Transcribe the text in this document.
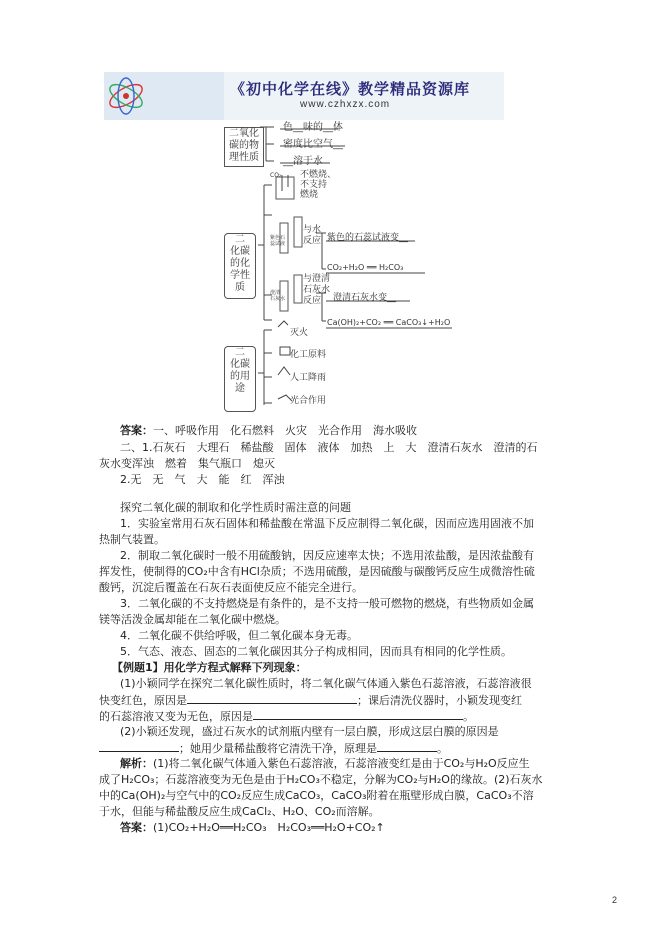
《初中化学在线》教学精品资源库
www.czhxzx.com
二氧化
碳的物
理性质
色__味的__体
密度比空气__
__溶于水
二
化碳
的化
学性
质
CO₂ 不燃烧、
不支持
燃烧
紫色石
蕊试液
与水
反应 紫色的石蕊试液变__
CO₂+H₂O ══ H₂CO₃
澄清
石灰水
与澄清
石灰水
反应	澄清石灰水变__
Ca(OH)₂+CO₂ ══ CaCO₃↓+H₂O
二
化碳
的用
途
灭火
化工原料
人工降雨
光合作用
答案：一、呼吸作用　化石燃料　火灾　光合作用　海水吸收
二、1.石灰石　大理石　稀盐酸　固体　液体　加热　上　大　澄清石灰水　澄清的石
灰水变浑浊　燃着　集气瓶口　熄灭
2.无　无　气　大　能　红　浑浊
探究二氧化碳的制取和化学性质时需注意的问题
1．实验室常用石灰石固体和稀盐酸在常温下反应制得二氧化碳，因而应选用固液不加
热制气装置。
2．制取二氧化碳时一般不用硫酸钠，因反应速率太快；不选用浓盐酸，是因浓盐酸有
挥发性，使制得的CO₂中含有HCl杂质；不选用硫酸，是因硫酸与碳酸钙反应生成微溶性硫
酸钙，沉淀后覆盖在石灰石表面使反应不能完全进行。
3．二氧化碳的不支持燃烧是有条件的，是不支持一般可燃物的燃烧，有些物质如金属
镁等活泼金属却能在二氧化碳中燃烧。
4．二氧化碳不供给呼吸，但二氧化碳本身无毒。
5．气态、液态、固态的二氧化碳因其分子构成相同，因而具有相同的化学性质。
【例题1】用化学方程式解释下列现象：
(1)小颖同学在探究二氧化碳性质时，将二氧化碳气体通入紫色石蕊溶液，石蕊溶液很
快变红色，原因是	；课后清洗仪器时，小颖发现变红
的石蕊溶液又变为无色，原因是	。
(2)小颖还发现，盛过石灰水的试剂瓶内壁有一层白膜，形成这层白膜的原因是
；她用少量稀盐酸将它清洗干净，原理是	。
解析：(1)将二氧化碳气体通入紫色石蕊溶液，石蕊溶液变红是由于CO₂与H₂O反应生
成了H₂CO₃；石蕊溶液变为无色是由于H₂CO₃不稳定，分解为CO₂与H₂O的缘故。(2)石灰水
中的Ca(OH)₂与空气中的CO₂反应生成CaCO₃，CaCO₃附着在瓶壁形成白膜，CaCO₃不溶
于水，但能与稀盐酸反应生成CaCl₂、H₂O、CO₂而溶解。
答案：(1)CO₂+H₂O══H₂CO₃　H₂CO₃══H₂O+CO₂↑
2
